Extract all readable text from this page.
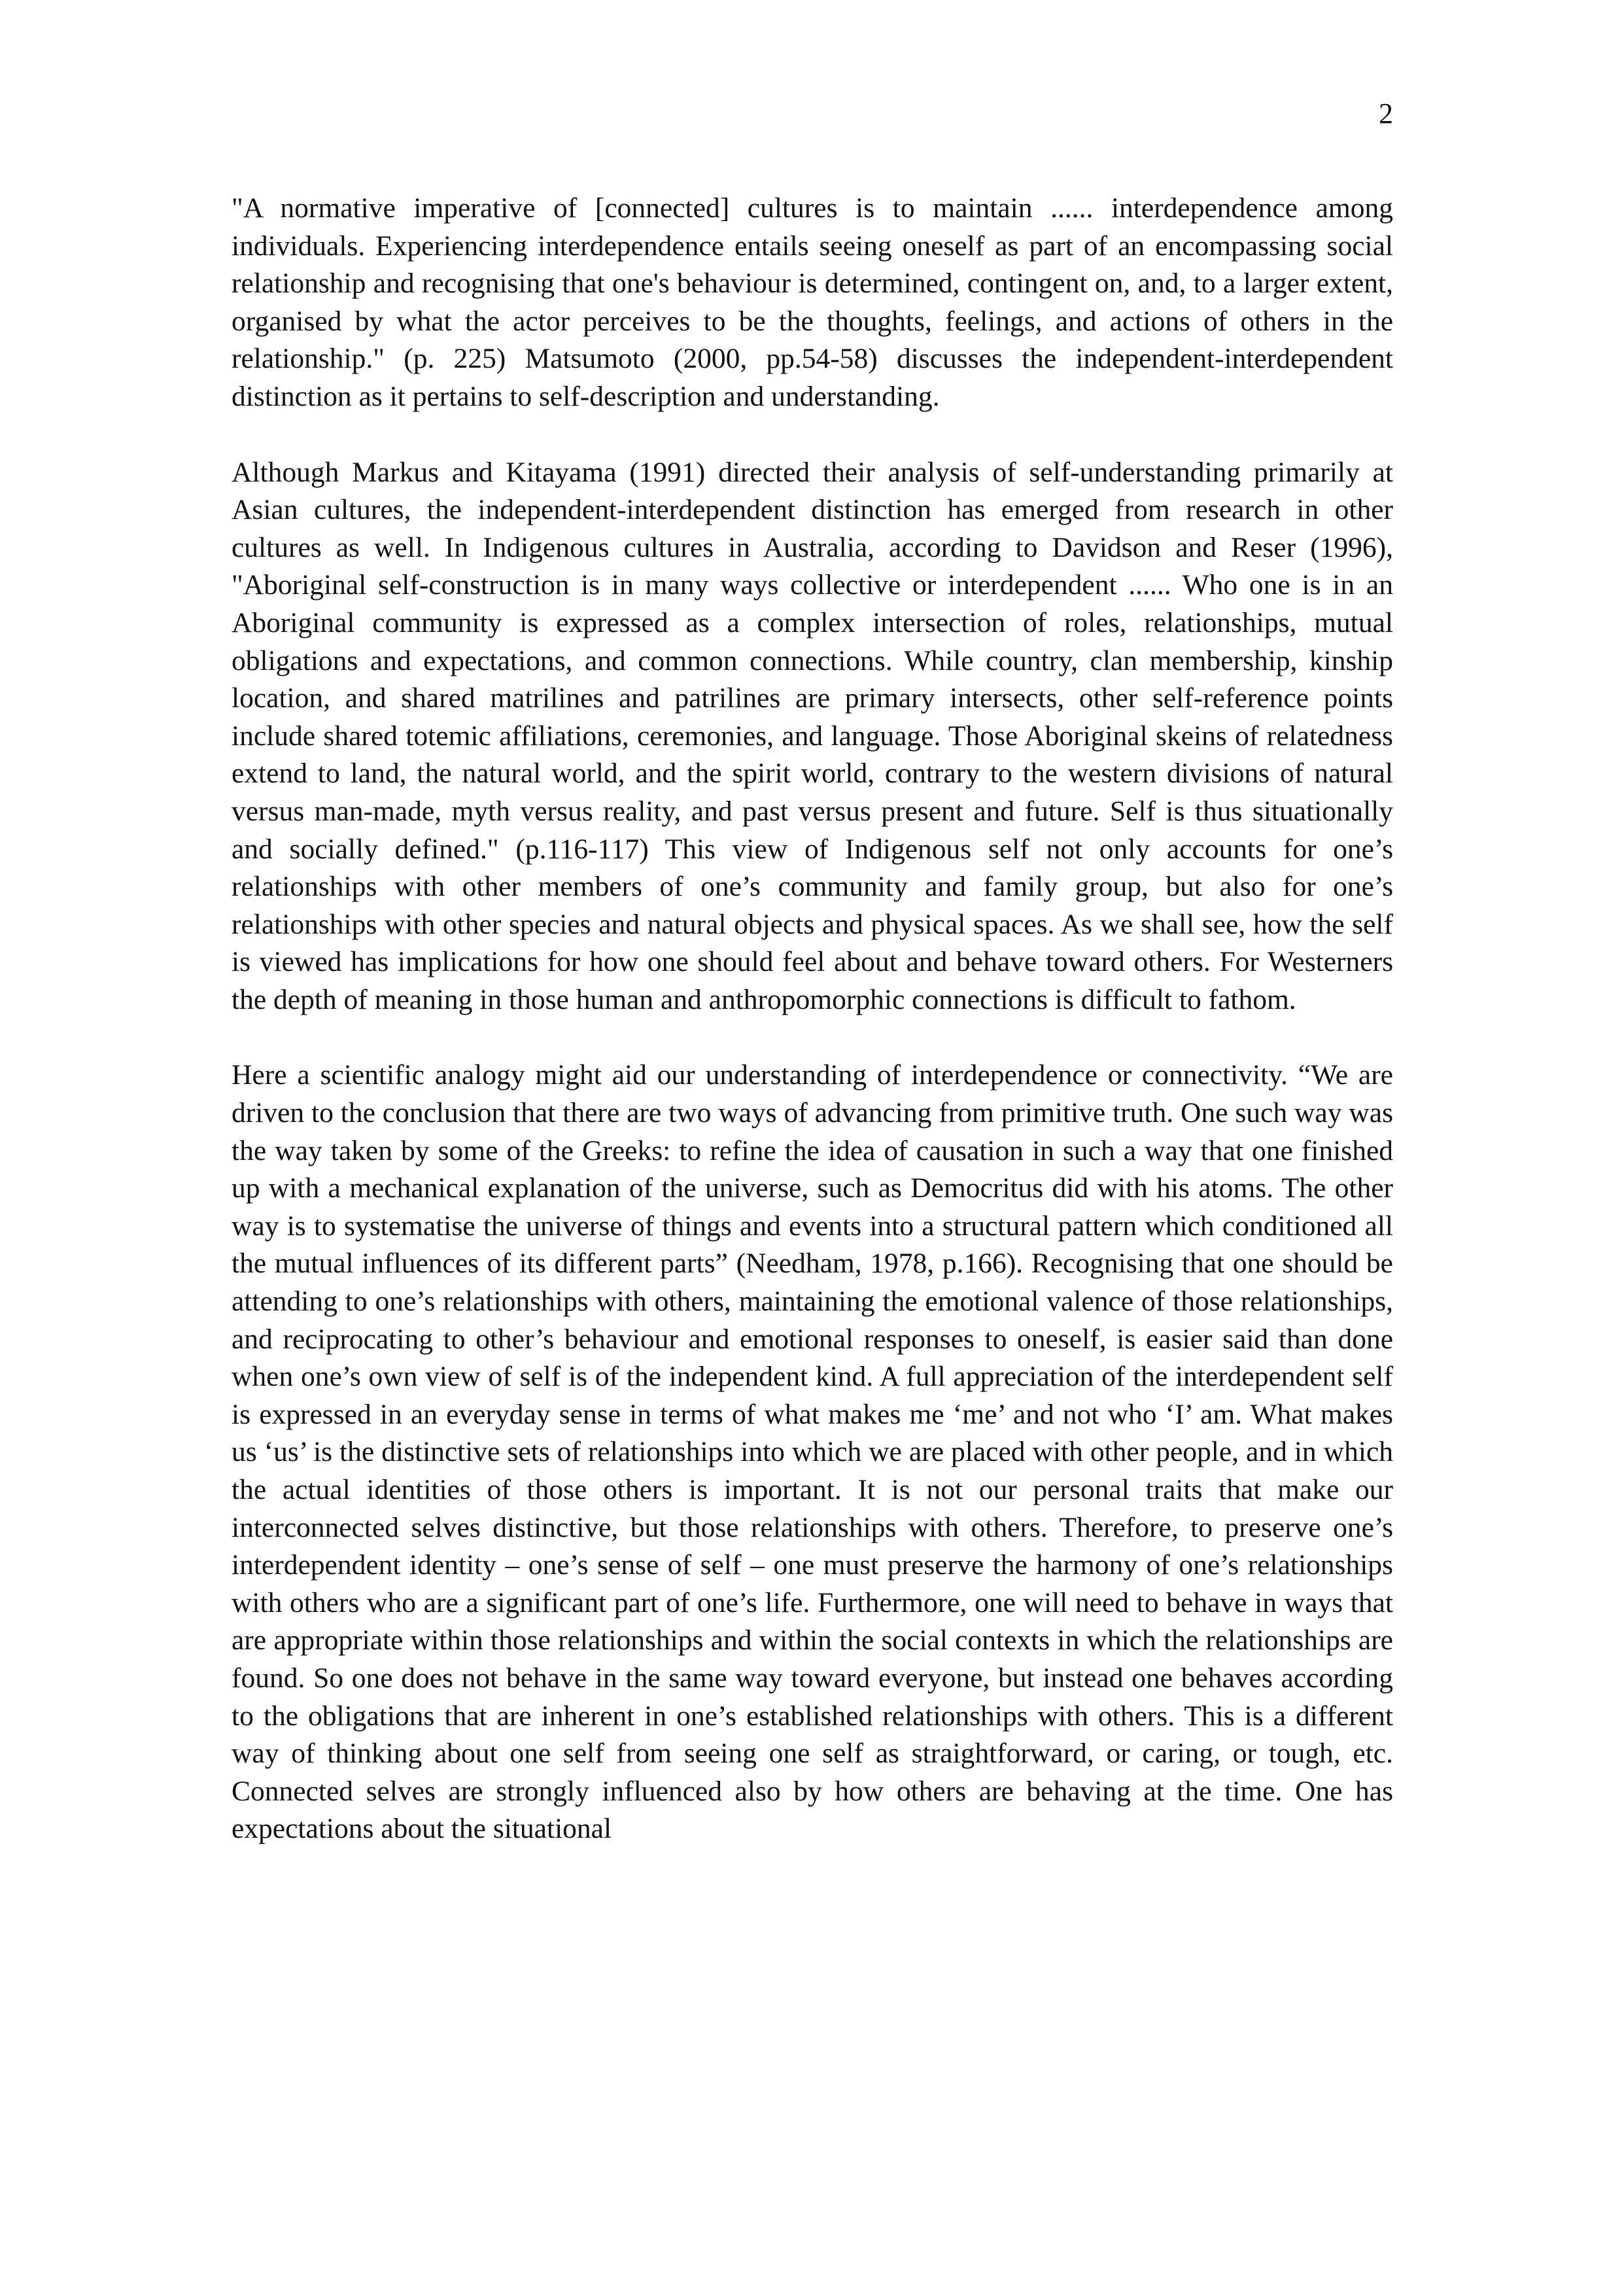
2

"A normative imperative of [connected] cultures is to maintain ...... interdependence among individuals. Experiencing interdependence entails seeing oneself as part of an encompassing social relationship and recognising that one's behaviour is determined, contingent on, and, to a larger extent, organised by what the actor perceives to be the thoughts, feelings, and actions of others in the relationship." (p. 225) Matsumoto (2000, pp.54-58) discusses the independent-interdependent distinction as it pertains to self-description and understanding.

Although Markus and Kitayama (1991) directed their analysis of self-understanding primarily at Asian cultures, the independent-interdependent distinction has emerged from research in other cultures as well. In Indigenous cultures in Australia, according to Davidson and Reser (1996), "Aboriginal self-construction is in many ways collective or interdependent ...... Who one is in an Aboriginal community is expressed as a complex intersection of roles, relationships, mutual obligations and expectations, and common connections. While country, clan membership, kinship location, and shared matrilines and patrilines are primary intersects, other self-reference points include shared totemic affiliations, ceremonies, and language. Those Aboriginal skeins of relatedness extend to land, the natural world, and the spirit world, contrary to the western divisions of natural versus man-made, myth versus reality, and past versus present and future. Self is thus situationally and socially defined." (p.116-117) This view of Indigenous self not only accounts for one’s relationships with other members of one’s community and family group, but also for one’s relationships with other species and natural objects and physical spaces. As we shall see, how the self is viewed has implications for how one should feel about and behave toward others. For Westerners the depth of meaning in those human and anthropomorphic connections is difficult to fathom.

Here a scientific analogy might aid our understanding of interdependence or connectivity. “We are driven to the conclusion that there are two ways of advancing from primitive truth. One such way was the way taken by some of the Greeks: to refine the idea of causation in such a way that one finished up with a mechanical explanation of the universe, such as Democritus did with his atoms. The other way is to systematise the universe of things and events into a structural pattern which conditioned all the mutual influences of its different parts” (Needham, 1978, p.166). Recognising that one should be attending to one’s relationships with others, maintaining the emotional valence of those relationships, and reciprocating to other’s behaviour and emotional responses to oneself, is easier said than done when one’s own view of self is of the independent kind. A full appreciation of the interdependent self is expressed in an everyday sense in terms of what makes me ‘me’ and not who ‘I’ am. What makes us ‘us’ is the distinctive sets of relationships into which we are placed with other people, and in which the actual identities of those others is important. It is not our personal traits that make our interconnected selves distinctive, but those relationships with others. Therefore, to preserve one’s interdependent identity – one’s sense of self – one must preserve the harmony of one’s relationships with others who are a significant part of one’s life. Furthermore, one will need to behave in ways that are appropriate within those relationships and within the social contexts in which the relationships are found. So one does not behave in the same way toward everyone, but instead one behaves according to the obligations that are inherent in one’s established relationships with others. This is a different way of thinking about one self from seeing one self as straightforward, or caring, or tough, etc. Connected selves are strongly influenced also by how others are behaving at the time. One has expectations about the situational
